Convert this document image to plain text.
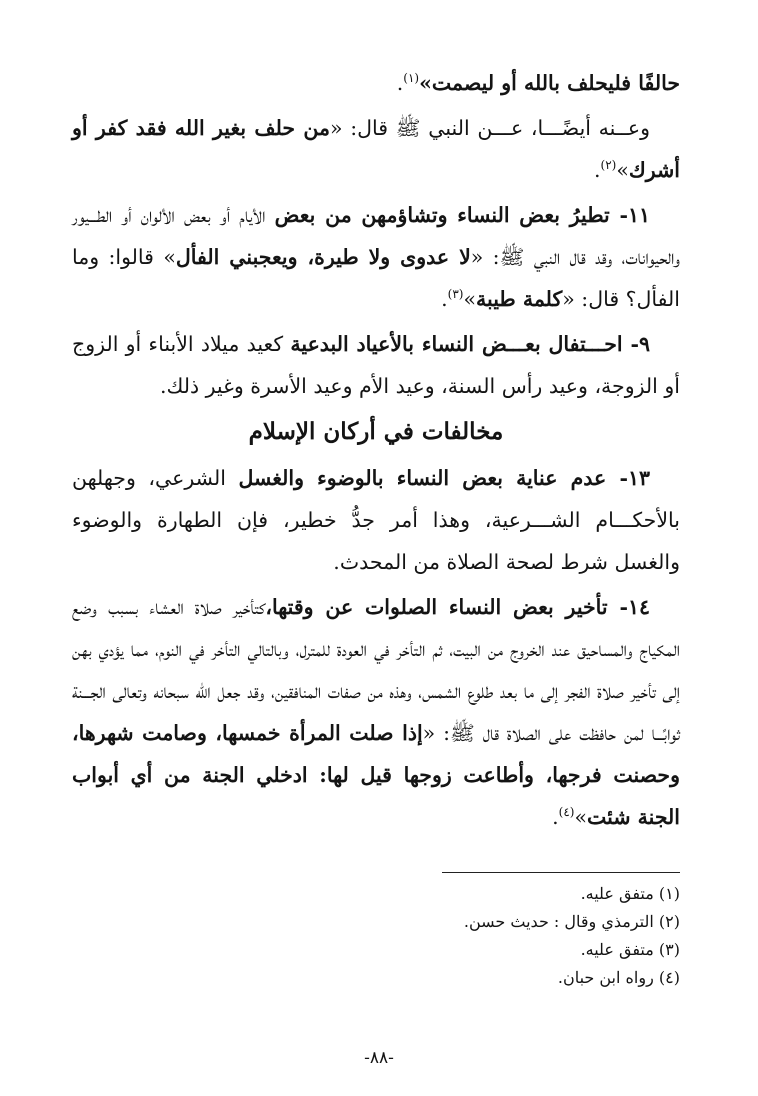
حالفًا فليحلف بالله أو ليصمت»$^{(١)}$.

وعــنه أيضًـــا، عـــن النبي ﷺ قال: «من حلف بغير الله فقد كفر أو أشرك»$^{(٢)}$.

١١- تطيرُ بعض النساء وتشاؤمهن من بعض الأيام أو بعض الألوان أو الطـــيور والحيوانات، وقد قال النبي ﷺ: «لا عدوى ولا طيرة، ويعجبني الفأل» قالوا: وما الفأل؟ قال: «كلمة طيبة»$^{(٣)}$.

٩- احـــتفال بعـــض النساء بالأعياد البدعية كعيد ميلاد الأبناء أو الزوج أو الزوجة، وعيد رأس السنة، وعيد الأم وعيد الأسرة وغير ذلك.

مخالفات في أركان الإسلام

١٣- عدم عناية بعض النساء بالوضوء والغسل الشرعي، وجهلهن بالأحكـــام الشـــرعية، وهذا أمر جدُّ خطير، فإن الطهارة والوضوء والغسل شرط لصحة الصلاة من المحدث.

١٤- تأخير بعض النساء الصلوات عن وقتها،كتأخير صلاة العشاء بسبب وضع المكياج والمساحيق عند الخروج من البيت، ثم التأخر في العودة للمترل، وبالتالي التأخر في النوم، مما يؤدي بهن إلى تأخير صلاة الفجر إلى ما بعد طلوع الشمس، وهذه من صفات المنافقين، وقد جعل الله سبحانه وتعالى الجـــنة ثوابًـــا لمن حافظت على الصلاة قال ﷺ: «إذا صلت المرأة خمسها، وصامت شهرها، وحصنت فرجها، وأطاعت زوجها قيل لها: ادخلي الجنة من أي أبواب الجنة شئت»$^{(٤)}$.

(١) متفق عليه.

(٢) الترمذي وقال : حديث حسن.

(٣) متفق عليه.

(٤) رواه ابن حبان.

-٨٨-
